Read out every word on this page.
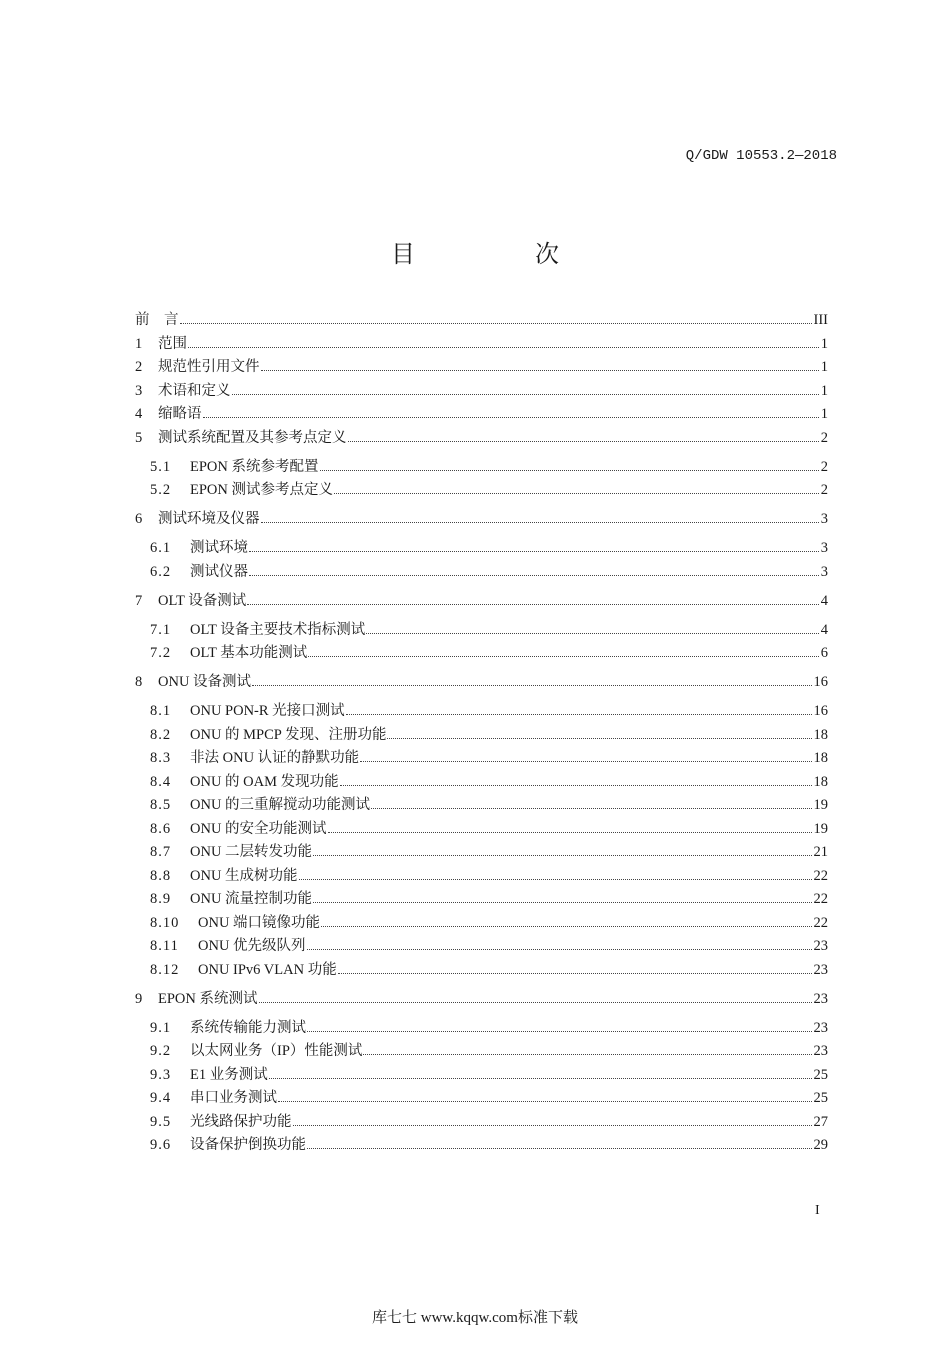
Q/GDW 10553.2—2018
目　次
前　言	III
1	范围	1
2	规范性引用文件	1
3	术语和定义	1
4	缩略语	1
5	测试系统配置及其参考点定义	2
5.1	EPON 系统参考配置	2
5.2	EPON 测试参考点定义	2
6	测试环境及仪器	3
6.1	测试环境	3
6.2	测试仪器	3
7	OLT 设备测试	4
7.1	OLT 设备主要技术指标测试	4
7.2	OLT 基本功能测试	6
8	ONU 设备测试	16
8.1	ONU PON-R 光接口测试	16
8.2	ONU 的 MPCP 发现、注册功能	18
8.3	非法 ONU 认证的静默功能	18
8.4	ONU 的 OAM 发现功能	18
8.5	ONU 的三重解搅动功能测试	19
8.6	ONU 的安全功能测试	19
8.7	ONU 二层转发功能	21
8.8	ONU 生成树功能	22
8.9	ONU 流量控制功能	22
8.10	ONU 端口镜像功能	22
8.11	ONU 优先级队列	23
8.12	ONU IPv6 VLAN 功能	23
9	EPON 系统测试	23
9.1	系统传输能力测试	23
9.2	以太网业务（IP）性能测试	23
9.3	E1 业务测试	25
9.4	串口业务测试	25
9.5	光线路保护功能	27
9.6	设备保护倒换功能	29
I
库七七 www.kqqw.com标准下载
